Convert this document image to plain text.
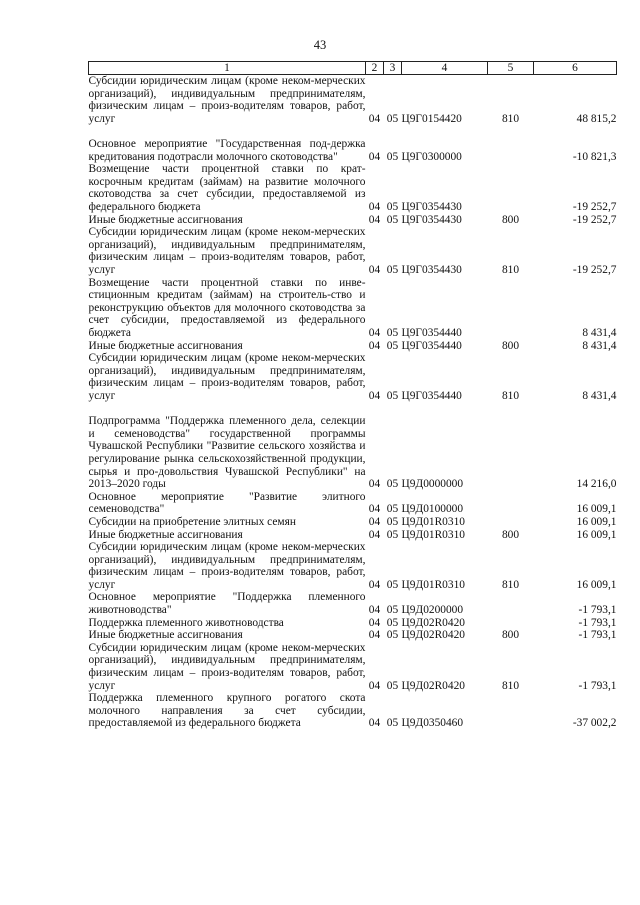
43
1	2	3	4	5	6

Субсидии юридическим лицам (кроме неком-мерческих организаций), индивидуальным предпринимателям, физическим лицам – произ-водителям товаров, работ, услуг	04	05	Ц9Г0154420	810	48 815,2

Основное мероприятие "Государственная под-держка кредитования подотрасли молочного скотоводства"	04	05	Ц9Г0300000		-10 821,3

Возмещение части процентной ставки по крат-косрочным кредитам (займам) на развитие молочного скотоводства за счет субсидии, предоставляемой из федерального бюджета	04	05	Ц9Г0354430		-19 252,7

Иные бюджетные ассигнования	04	05	Ц9Г0354430	800	-19 252,7

Субсидии юридическим лицам (кроме неком-мерческих организаций), индивидуальным предпринимателям, физическим лицам – произ-водителям товаров, работ, услуг	04	05	Ц9Г0354430	810	-19 252,7

Возмещение части процентной ставки по инве-стиционным кредитам (займам) на строитель-ство и реконструкцию объектов для молочного скотоводства за счет субсидии, предоставляемой из федерального бюджета	04	05	Ц9Г0354440		8 431,4

Иные бюджетные ассигнования	04	05	Ц9Г0354440	800	8 431,4

Субсидии юридическим лицам (кроме неком-мерческих организаций), индивидуальным предпринимателям, физическим лицам – произ-водителям товаров, работ, услуг	04	05	Ц9Г0354440	810	8 431,4

Подпрограмма "Поддержка племенного дела, селекции и семеноводства" государственной программы Чувашской Республики "Развитие сельского хозяйства и регулирование рынка сельскохозяйственной продукции, сырья и про-довольствия Чувашской Республики" на 2013–2020 годы	04	05	Ц9Д0000000		14 216,0

Основное мероприятие "Развитие элитного семеноводства"	04	05	Ц9Д0100000		16 009,1

Субсидии на приобретение элитных семян	04	05	Ц9Д01R0310		16 009,1

Иные бюджетные ассигнования	04	05	Ц9Д01R0310	800	16 009,1

Субсидии юридическим лицам (кроме неком-мерческих организаций), индивидуальным предпринимателям, физическим лицам – произ-водителям товаров, работ, услуг	04	05	Ц9Д01R0310	810	16 009,1

Основное мероприятие "Поддержка племенного животноводства"	04	05	Ц9Д0200000		-1 793,1

Поддержка племенного животноводства	04	05	Ц9Д02R0420		-1 793,1

Иные бюджетные ассигнования	04	05	Ц9Д02R0420	800	-1 793,1

Субсидии юридическим лицам (кроме неком-мерческих организаций), индивидуальным предпринимателям, физическим лицам – произ-водителям товаров, работ, услуг	04	05	Ц9Д02R0420	810	-1 793,1

Поддержка племенного крупного рогатого скота молочного направления за счет субсидии, предоставляемой из федерального бюджета	04	05	Ц9Д0350460		-37 002,2
